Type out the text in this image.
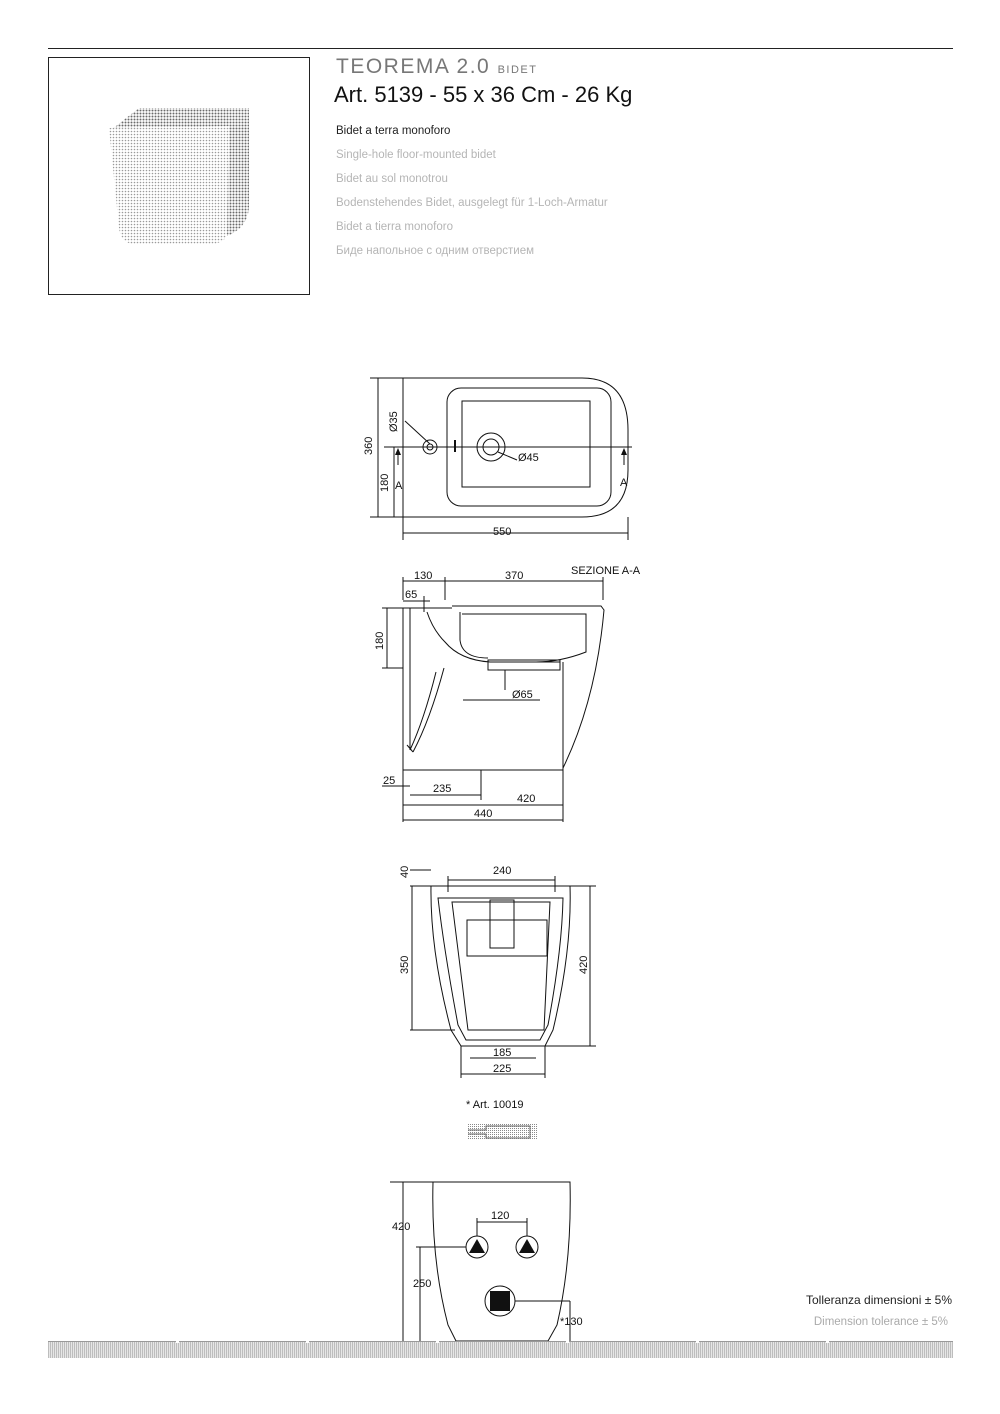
TEOREMA 2.0 BIDET
Art. 5139 - 55 x 36 Cm - 26 Kg
Bidet a terra monoforo
Single-hole floor-mounted bidet
Bidet au sol monotrou
Bodenstehendes Bidet, ausgelegt für 1-Loch-Armatur
Bidet a tierra monoforo
Биде напольное с одним отверстием
Ø35
Ø45
360
180 A	A
550
SEZIONE A-A
130	370
65
180
Ø65
25
235
420
440
40	240
350	420
185
225
* Art. 10019
420
120
250
*130
Tolleranza dimensioni ± 5%
Dimension tolerance ± 5%
